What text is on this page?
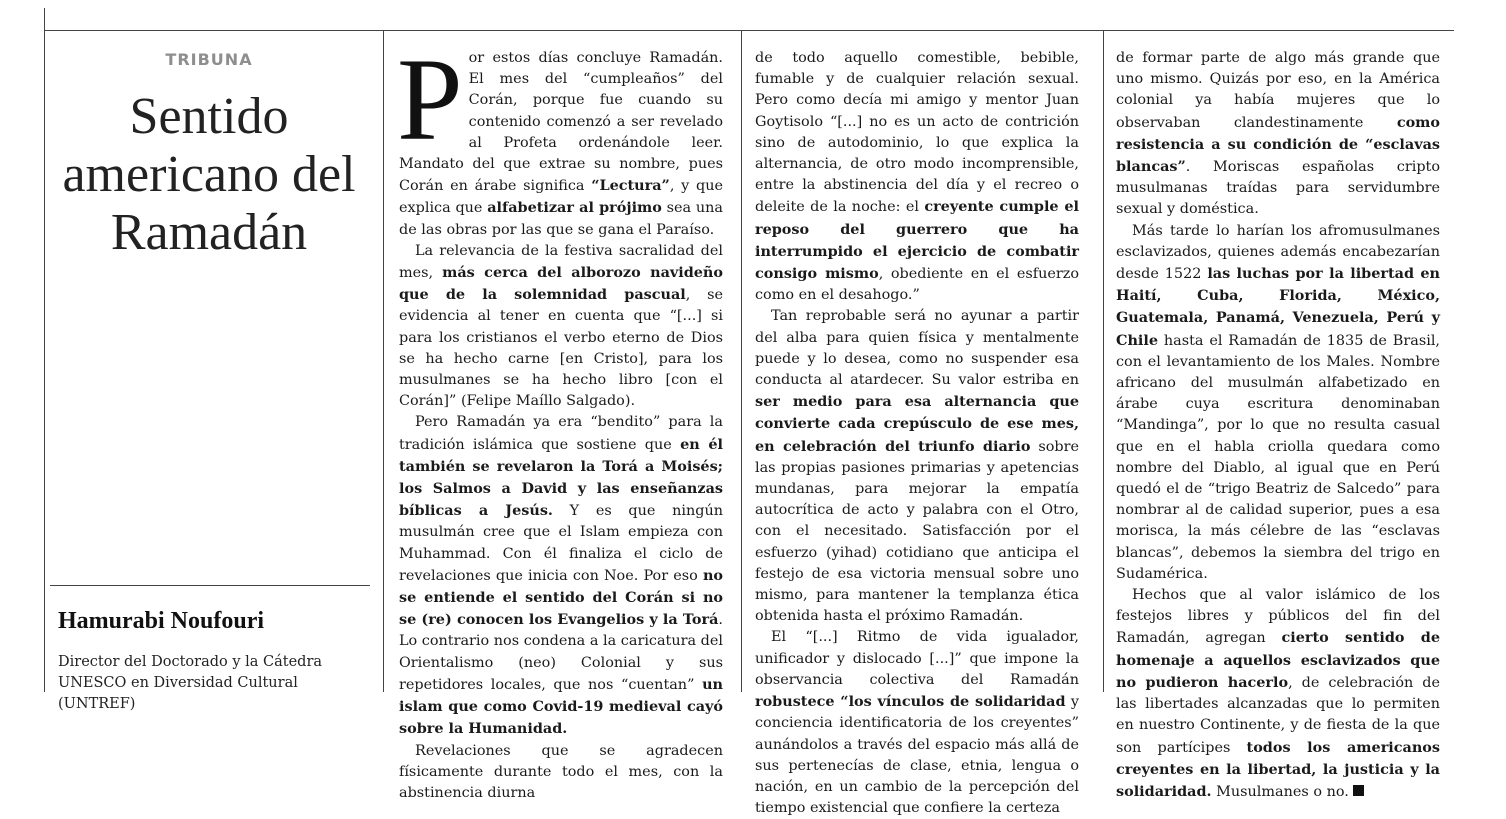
TRIBUNA
Sentido americano del Ramadán
Hamurabi Noufouri
Director del Doctorado y la Cátedra UNESCO en Diversidad Cultural (UNTREF)

Por estos días concluye Ramadán. El mes del “cumpleaños” del Corán, porque fue cuando su contenido comenzó a ser revelado al Profeta ordenándole leer. Mandato del que extrae su nombre, pues Corán en árabe significa “Lectura”, y que explica que alfabetizar al prójimo sea una de las obras por las que se gana el Paraíso.

La relevancia de la festiva sacralidad del mes, más cerca del alborozo navideño que de la solemnidad pascual, se evidencia al tener en cuenta que “[...] si para los cristianos el verbo eterno de Dios se ha hecho carne [en Cristo], para los musulmanes se ha hecho libro [con el Corán]” (Felipe Maíllo Salgado).

Pero Ramadán ya era “bendito” para la tradición islámica que sostiene que en él también se revelaron la Torá a Moisés; los Salmos a David y las enseñanzas bíblicas a Jesús. Y es que ningún musulmán cree que el Islam empieza con Muhammad. Con él finaliza el ciclo de revelaciones que inicia con Noe. Por eso no se entiende el sentido del Corán si no se (re) conocen los Evangelios y la Torá. Lo contrario nos condena a la caricatura del Orientalismo (neo) Colonial y sus repetidores locales, que nos “cuentan” un islam que como Covid-19 medieval cayó sobre la Humanidad.

Revelaciones que se agradecen físicamente durante todo el mes, con la abstinencia diurna

de todo aquello comestible, bebible, fumable y de cualquier relación sexual. Pero como decía mi amigo y mentor Juan Goytisolo “[...] no es un acto de contrición sino de autodominio, lo que explica la alternancia, de otro modo incomprensible, entre la abstinencia del día y el recreo o deleite de la noche: el creyente cumple el reposo del guerrero que ha interrumpido el ejercicio de combatir consigo mismo, obediente en el esfuerzo como en el desahogo.”

Tan reprobable será no ayunar a partir del alba para quien física y mentalmente puede y lo desea, como no suspender esa conducta al atardecer. Su valor estriba en ser medio para esa alternancia que convierte cada crepúsculo de ese mes, en celebración del triunfo diario sobre las propias pasiones primarias y apetencias mundanas, para mejorar la empatía autocrítica de acto y palabra con el Otro, con el necesitado. Satisfacción por el esfuerzo (yihad) cotidiano que anticipa el festejo de esa victoria mensual sobre uno mismo, para mantener la templanza ética obtenida hasta el próximo Ramadán.

El “[...] Ritmo de vida igualador, unificador y dislocado [...]” que impone la observancia colectiva del Ramadán robustece “los vínculos de solidaridad y conciencia identificatoria de los creyentes” aunándolos a través del espacio más allá de sus pertenecías de clase, etnia, lengua o nación, en un cambio de la percepción del tiempo existencial que confiere la certeza

de formar parte de algo más grande que uno mismo. Quizás por eso, en la América colonial ya había mujeres que lo observaban clandestinamente como resistencia a su condición de “esclavas blancas”. Moriscas españolas cripto musulmanas traídas para servidumbre sexual y doméstica.

Más tarde lo harían los afromusulmanes esclavizados, quienes además encabezarían desde 1522 las luchas por la libertad en Haití, Cuba, Florida, México, Guatemala, Panamá, Venezuela, Perú y Chile hasta el Ramadán de 1835 de Brasil, con el levantamiento de los Males. Nombre africano del musulmán alfabetizado en árabe cuya escritura denominaban “Mandinga”, por lo que no resulta casual que en el habla criolla quedara como nombre del Diablo, al igual que en Perú quedó el de “trigo Beatriz de Salcedo” para nombrar al de calidad superior, pues a esa morisca, la más célebre de las “esclavas blancas”, debemos la siembra del trigo en Sudamérica.

Hechos que al valor islámico de los festejos libres y públicos del fin del Ramadán, agregan cierto sentido de homenaje a aquellos esclavizados que no pudieron hacerlo, de celebración de las libertades alcanzadas que lo permiten en nuestro Continente, y de fiesta de la que son partícipes todos los americanos creyentes en la libertad, la justicia y la solidaridad. Musulmanes o no.
